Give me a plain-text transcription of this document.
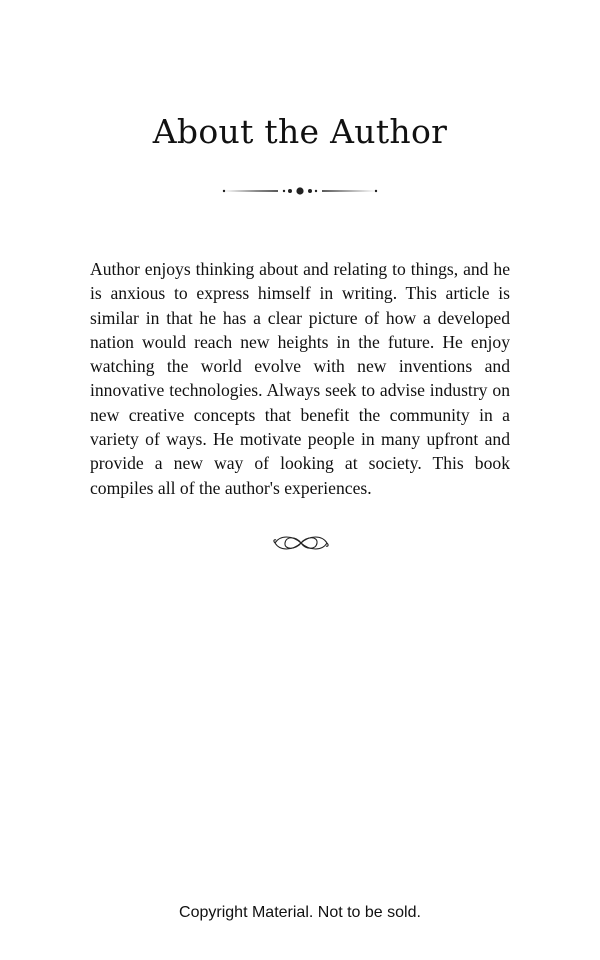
About the Author

Author enjoys thinking about and relating to things, and he is anxious to express himself in writing. This article is similar in that he has a clear picture of how a developed nation would reach new heights in the future. He enjoy watching the world evolve with new inventions and innovative technologies. Always seek to advise industry on new creative concepts that benefit the community in a variety of ways. He motivate people in many upfront and provide a new way of looking at society. This book compiles all of the author's experiences.

Copyright Material. Not to be sold.
